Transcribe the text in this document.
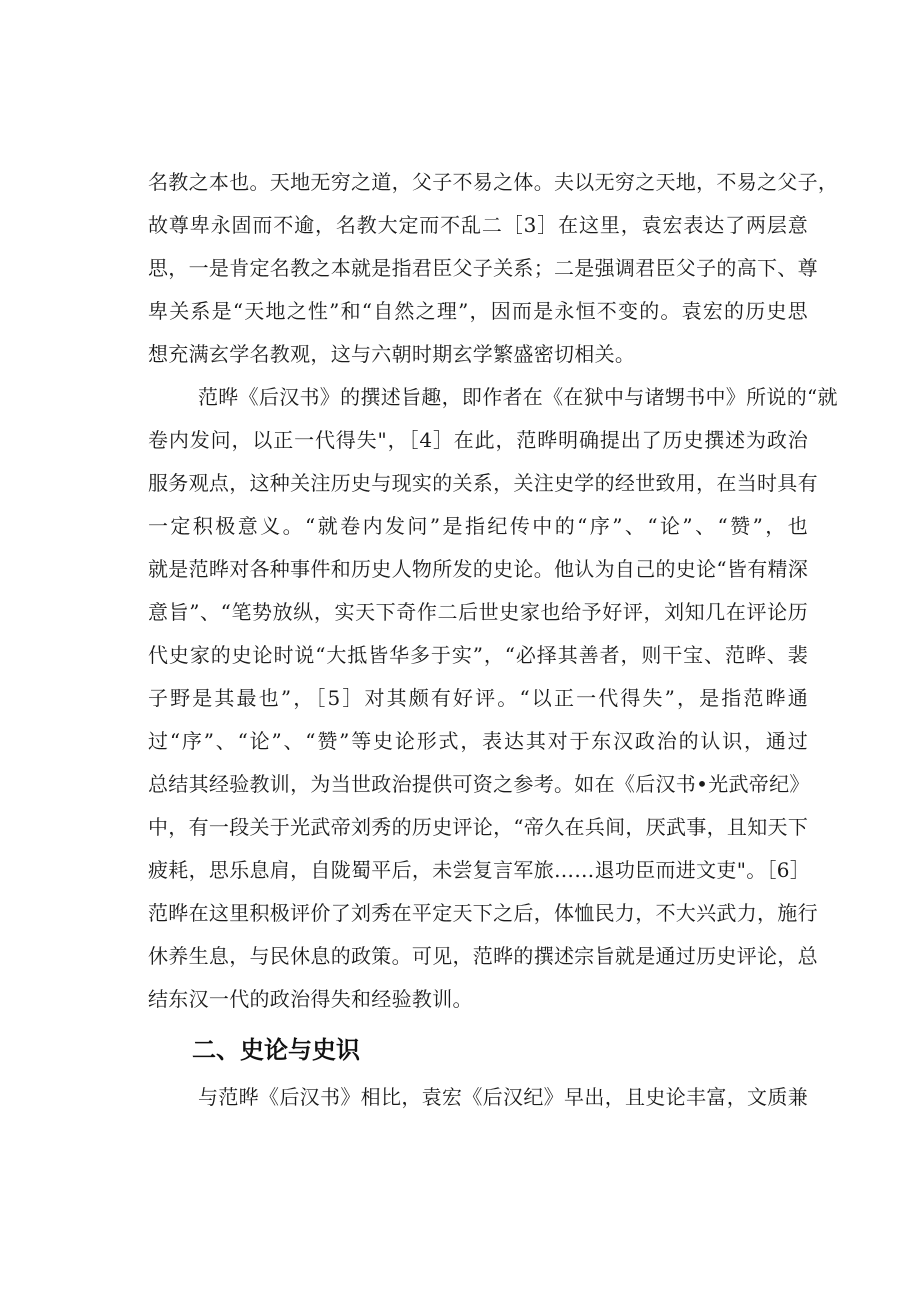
名教之本也。天地无穷之道，父子不易之体。夫以无穷之天地，不易之父子，
故尊卑永固而不逾，名教大定而不乱二［3］在这里，袁宏表达了两层意
思，一是肯定名教之本就是指君臣父子关系；二是强调君臣父子的高下、尊
卑关系是“天地之性”和“自然之理”，因而是永恒不变的。袁宏的历史思
想充满玄学名教观，这与六朝时期玄学繁盛密切相关。
范晔《后汉书》的撰述旨趣，即作者在《在狱中与诸甥书中》所说的“就
卷内发问，以正一代得失"，［4］在此，范晔明确提出了历史撰述为政治
服务观点，这种关注历史与现实的关系，关注史学的经世致用，在当时具有
一定积极意义。“就卷内发问”是指纪传中的“序”、“论”、“赞”，也
就是范晔对各种事件和历史人物所发的史论。他认为自己的史论“皆有精深
意旨”、“笔势放纵，实天下奇作二后世史家也给予好评，刘知几在评论历
代史家的史论时说“大抵皆华多于实”，“必择其善者，则干宝、范晔、裴
子野是其最也”，［5］对其颇有好评。“以正一代得失”，是指范晔通
过“序”、“论”、“赞”等史论形式，表达其对于东汉政治的认识，通过
总结其经验教训，为当世政治提供可资之参考。如在《后汉书•光武帝纪》
中，有一段关于光武帝刘秀的历史评论，“帝久在兵间，厌武事，且知天下
疲耗，思乐息肩，自陇蜀平后，未尝复言军旅……退功臣而进文吏"。［6］
范晔在这里积极评价了刘秀在平定天下之后，体恤民力，不大兴武力，施行
休养生息，与民休息的政策。可见，范晔的撰述宗旨就是通过历史评论，总
结东汉一代的政治得失和经验教训。
二、史论与史识
与范晔《后汉书》相比，袁宏《后汉纪》早出，且史论丰富，文质兼
